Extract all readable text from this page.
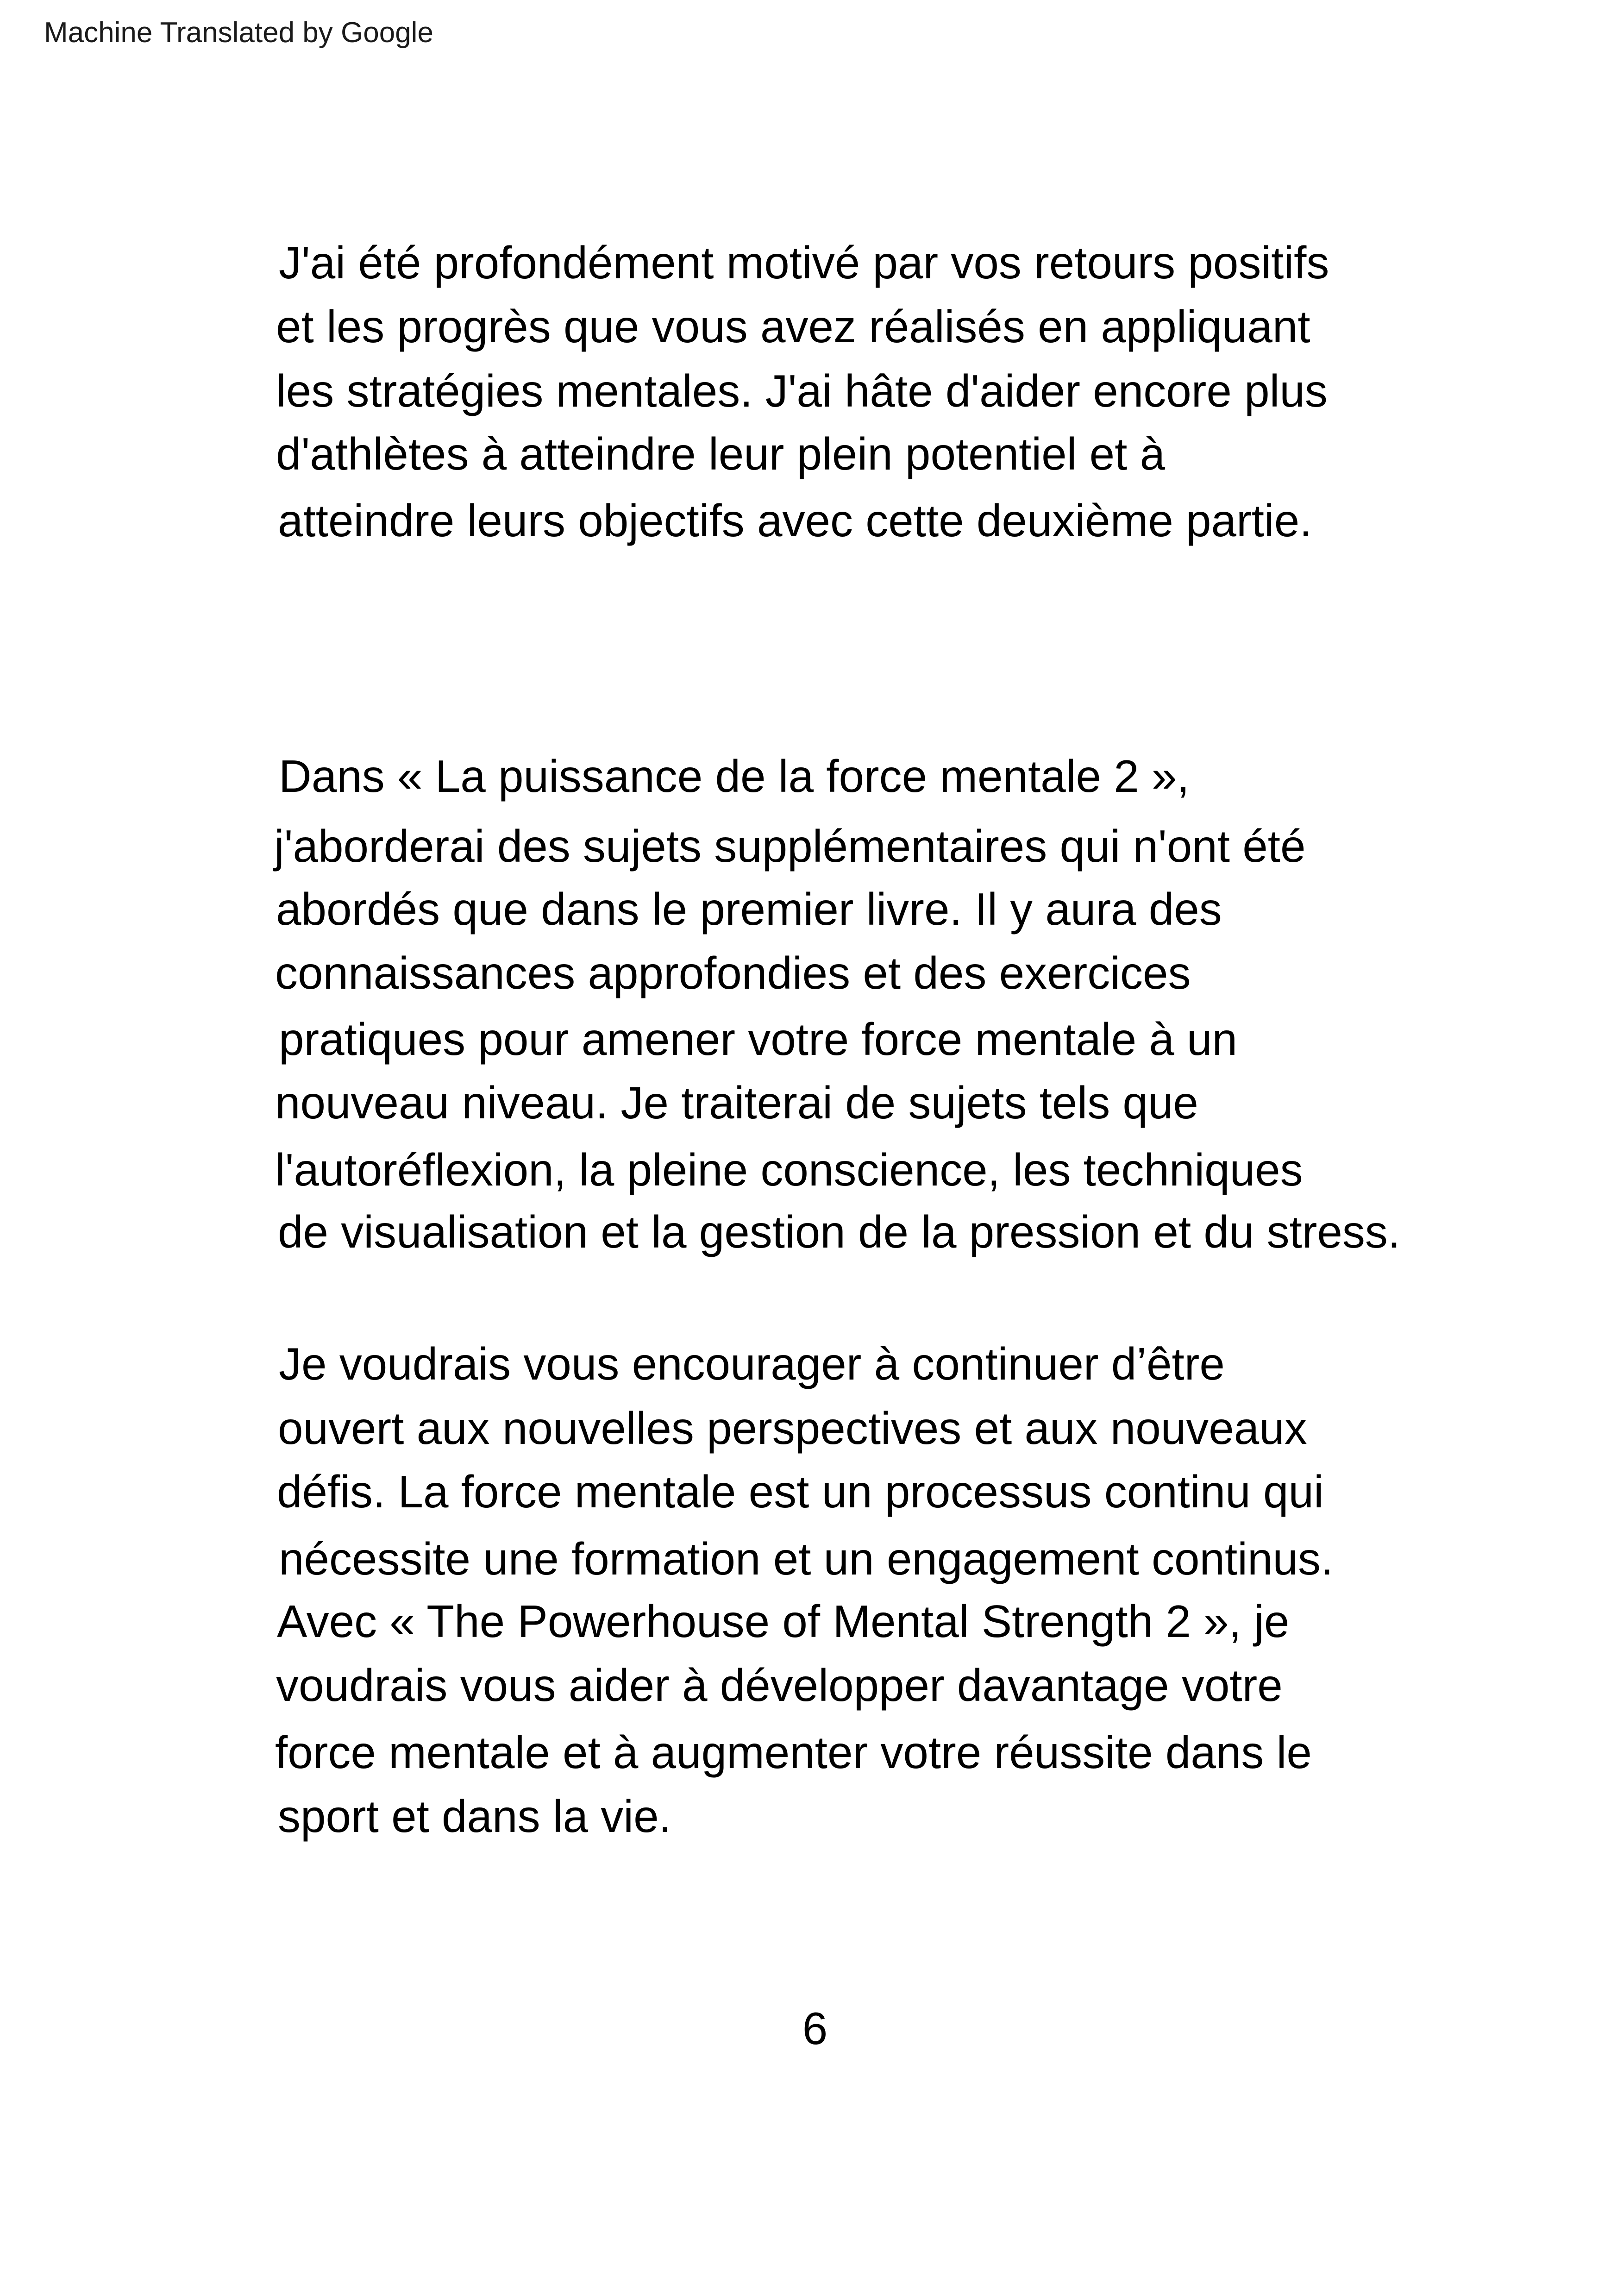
Machine Translated by Google
J'ai été profondément motivé par vos retours positifs
et les progrès que vous avez réalisés en appliquant
les stratégies mentales. J'ai hâte d'aider encore plus
d'athlètes à atteindre leur plein potentiel et à
atteindre leurs objectifs avec cette deuxième partie.
Dans « La puissance de la force mentale 2 »,
j'aborderai des sujets supplémentaires qui n'ont été
abordés que dans le premier livre. Il y aura des
connaissances approfondies et des exercices
pratiques pour amener votre force mentale à un
nouveau niveau. Je traiterai de sujets tels que
l'autoréflexion, la pleine conscience, les techniques
de visualisation et la gestion de la pression et du stress.
Je voudrais vous encourager à continuer d’être
ouvert aux nouvelles perspectives et aux nouveaux
défis. La force mentale est un processus continu qui
nécessite une formation et un engagement continus.
Avec « The Powerhouse of Mental Strength 2 », je
voudrais vous aider à développer davantage votre
force mentale et à augmenter votre réussite dans le
sport et dans la vie.
6
